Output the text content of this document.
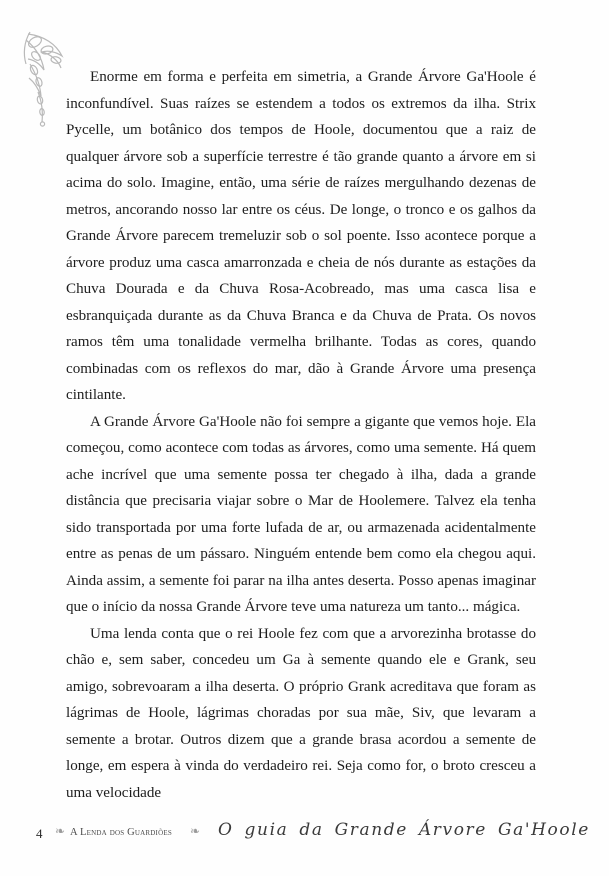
Enorme em forma e perfeita em simetria, a Grande Árvore Ga'Hoole é inconfundível. Suas raízes se estendem a todos os extremos da ilha. Strix Pycelle, um botânico dos tempos de Hoole, documentou que a raiz de qualquer árvore sob a superfície terrestre é tão grande quanto a árvore em si acima do solo. Imagine, então, uma série de raízes mergulhando dezenas de metros, ancorando nosso lar entre os céus. De longe, o tronco e os galhos da Grande Árvore parecem tremeluzir sob o sol poente. Isso acontece porque a árvore produz uma casca amarronzada e cheia de nós durante as estações da Chuva Dourada e da Chuva Rosa-Acobreado, mas uma casca lisa e esbranquiçada durante as da Chuva Branca e da Chuva de Prata. Os novos ramos têm uma tonalidade vermelha brilhante. Todas as cores, quando combinadas com os reflexos do mar, dão à Grande Árvore uma presença cintilante.

A Grande Árvore Ga'Hoole não foi sempre a gigante que vemos hoje. Ela começou, como acontece com todas as árvores, como uma semente. Há quem ache incrível que uma semente possa ter chegado à ilha, dada a grande distância que precisaria viajar sobre o Mar de Hoolemere. Talvez ela tenha sido transportada por uma forte lufada de ar, ou armazenada acidentalmente entre as penas de um pássaro. Ninguém entende bem como ela chegou aqui. Ainda assim, a semente foi parar na ilha antes deserta. Posso apenas imaginar que o início da nossa Grande Árvore teve uma natureza um tanto... mágica.

Uma lenda conta que o rei Hoole fez com que a arvorezinha brotasse do chão e, sem saber, concedeu um Ga à semente quando ele e Grank, seu amigo, sobrevoaram a ilha deserta. O próprio Grank acreditava que foram as lágrimas de Hoole, lágrimas choradas por sua mãe, Siv, que levaram a semente a brotar. Outros dizem que a grande brasa acordou a semente de longe, em espera à vinda do verdadeiro rei. Seja como for, o broto cresceu a uma velocidade

4 ❧ A Lenda dos Guardiões ❧ O guia da Grande Árvore Ga'Hoole
